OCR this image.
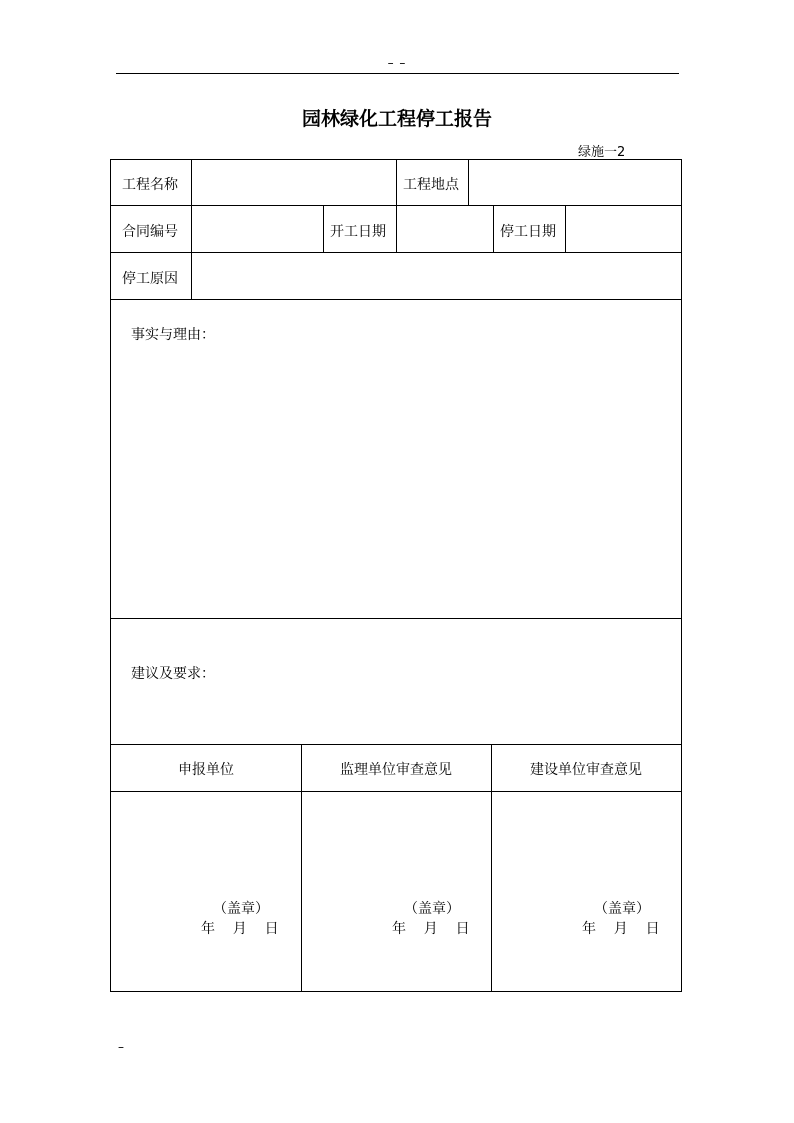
– –
园林绿化工程停工报告
绿施一2
工程名称	工程地点
合同编号	开工日期	停工日期
停工原因
事实与理由：
建议及要求：
申报单位	监理单位审查意见	建设单位审查意见
（盖章）
年    月    日
（盖章）
年    月    日
（盖章）
年    月    日
–
